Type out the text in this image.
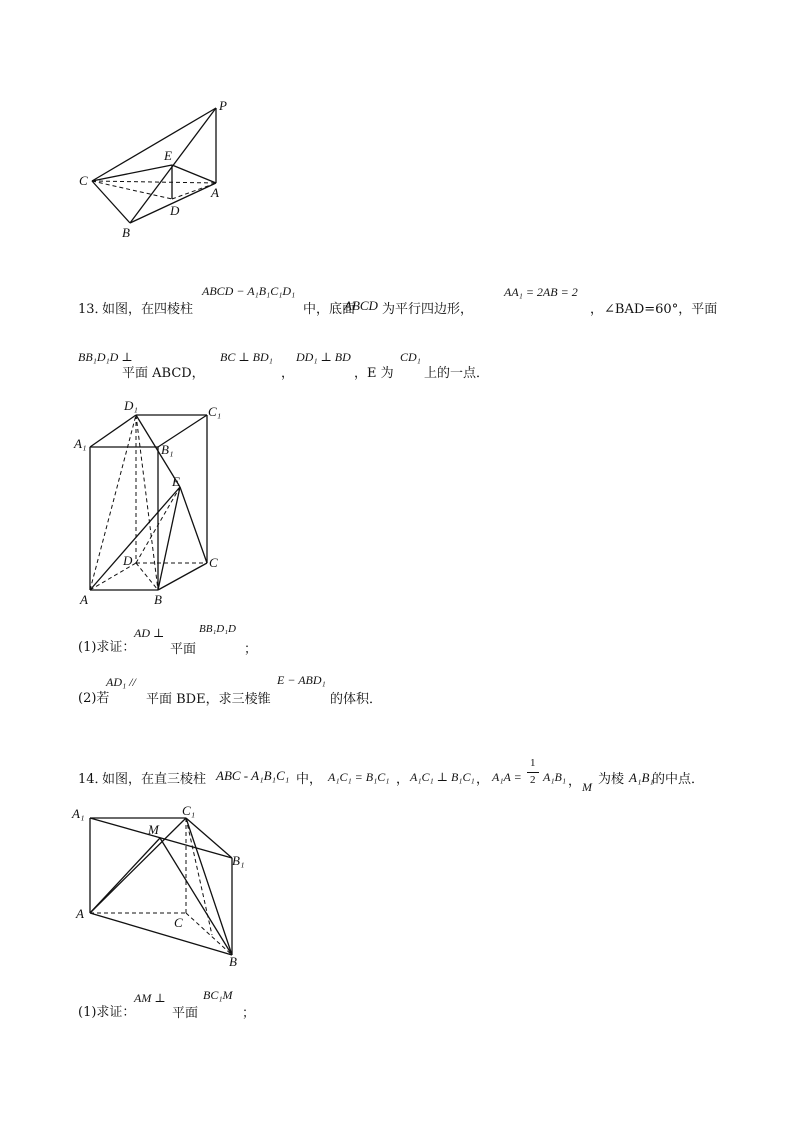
P
E
C
A
D
B
13．
如图，在四棱柱
ABCD − A₁B₁C₁D₁
中，底面
ABCD 为平行四边形，
AA₁ = 2AB = 2
， ∠BAD=60°，平面
BB₁D₁D ⊥
平面 ABCD，
BC ⊥ BD₁
，
DD₁ ⊥ BD
，E 为
CD₁
上的一点．
D₁	C₁
A₁	B₁
E
D	C
A	B
(1)求证：
AD ⊥
平面
BB₁D₁D
；
(2)若
AD₁ //
平面 BDE，求三棱锥
E − ABD₁
的体积．
14．
如图，在直三棱柱 ABC - A₁B₁C₁ 中， A₁C₁ = B₁C₁ ， A₁C₁ ⊥ B₁C₁ ， A₁A =
1
2 A₁B₁ ， M 为棱 A₁B₁
的中点．
A₁	C₁
M
B₁
A
C
B
(1)求证：
AM ⊥
平面
BC₁M
；
